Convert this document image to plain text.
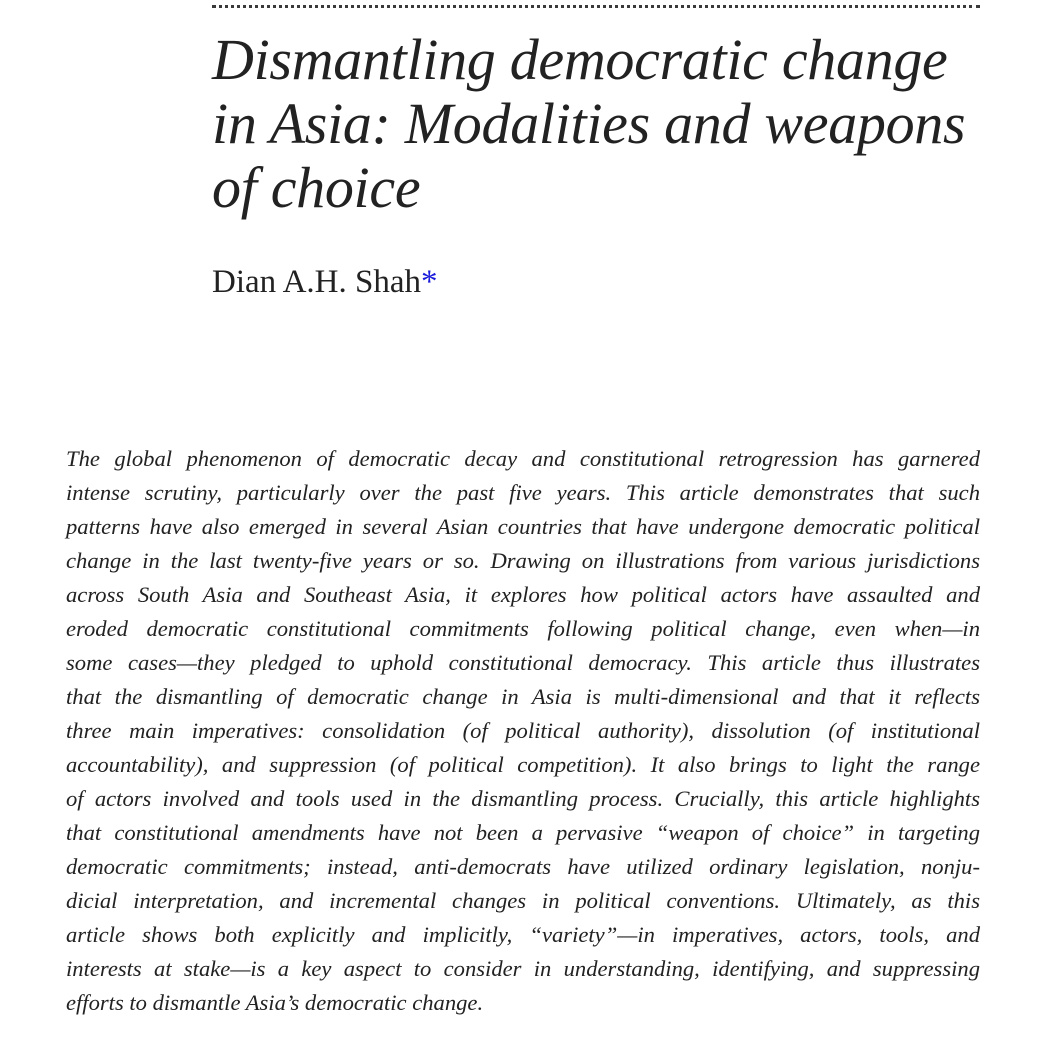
Dismantling democratic change
in Asia: Modalities and weapons
of choice

Dian A.H. Shah*

The global phenomenon of democratic decay and constitutional retrogression has garnered
intense scrutiny, particularly over the past five years. This article demonstrates that such
patterns have also emerged in several Asian countries that have undergone democratic political
change in the last twenty-five years or so. Drawing on illustrations from various jurisdictions
across South Asia and Southeast Asia, it explores how political actors have assaulted and
eroded democratic constitutional commitments following political change, even when—in
some cases—they pledged to uphold constitutional democracy. This article thus illustrates
that the dismantling of democratic change in Asia is multi-dimensional and that it reflects
three main imperatives: consolidation (of political authority), dissolution (of institutional
accountability), and suppression (of political competition). It also brings to light the range
of actors involved and tools used in the dismantling process. Crucially, this article highlights
that constitutional amendments have not been a pervasive “weapon of choice” in targeting
democratic commitments; instead, anti-democrats have utilized ordinary legislation, nonju-
dicial interpretation, and incremental changes in political conventions. Ultimately, as this
article shows both explicitly and implicitly, “variety”—in imperatives, actors, tools, and
interests at stake—is a key aspect to consider in understanding, identifying, and suppressing
efforts to dismantle Asia’s democratic change.
